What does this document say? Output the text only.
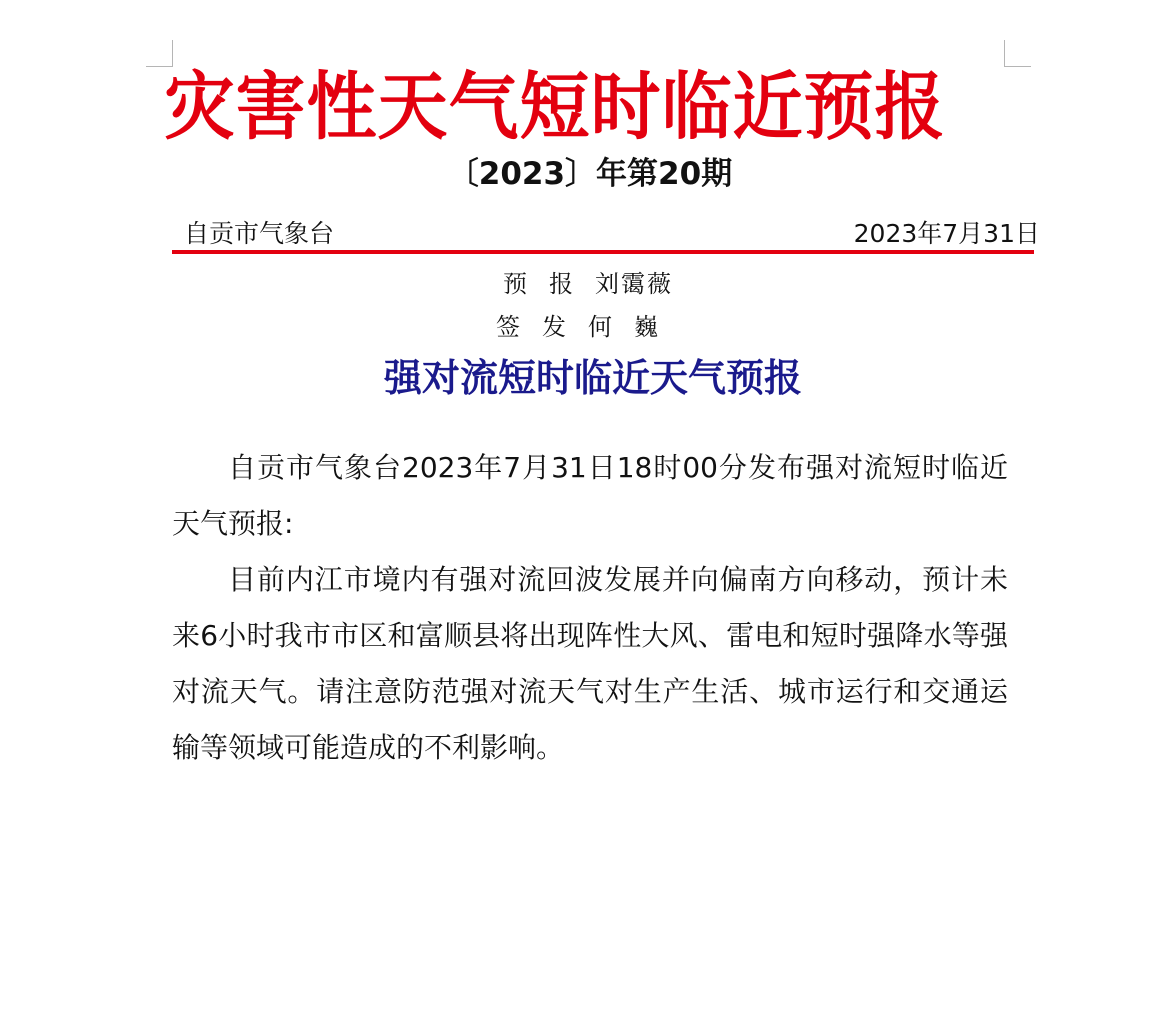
灾害性天气短时临近预报
〔2023〕年第20期
自贡市气象台	2023年7月31日
预报刘霭薇
签发何巍
强对流短时临近天气预报

自贡市气象台2023年7月31日18时00分发布强对流短时临近天气预报:

目前内江市境内有强对流回波发展并向偏南方向移动，预计未来6小时我市市区和富顺县将出现阵性大风、雷电和短时强降水等强对流天气。请注意防范强对流天气对生产生活、城市运行和交通运输等领域可能造成的不利影响。
